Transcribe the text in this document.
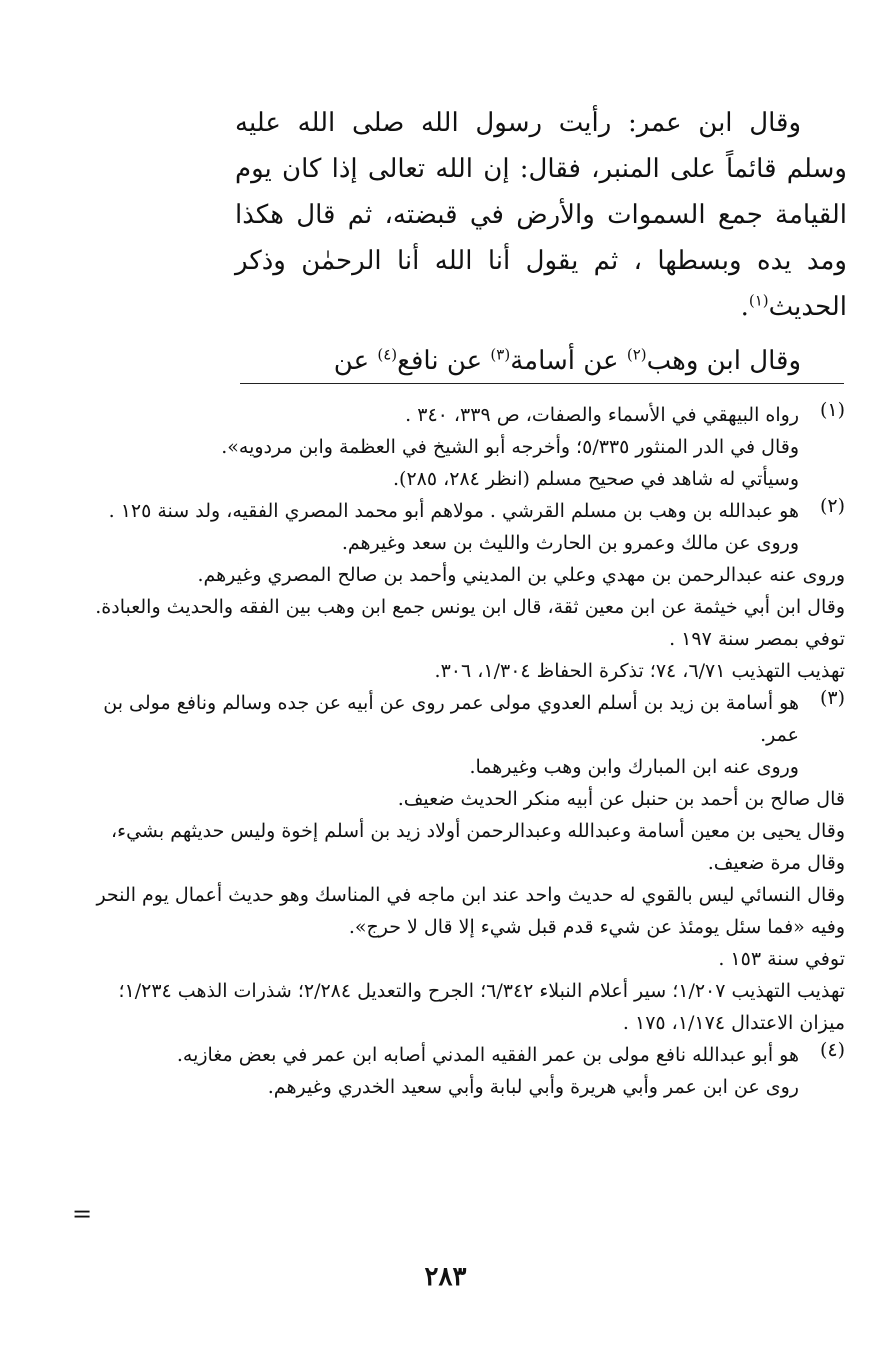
وقال ابن عمر: رأيت رسول الله صلى الله عليه وسلم قائماً على المنبر، فقال: إن الله تعالى إذا كان يوم القيامة جمع السموات والأرض في قبضته، ثم قال هكذا ومد يده وبسطها ، ثم يقول أنا الله أنا الرحمٰن وذكر الحديث$^{(١)}$.

وقال ابن وهب$^{(٢)}$ عن أسامة$^{(٣)}$ عن نافع$^{(٤)}$ عن

(١)

رواه البيهقي في الأسماء والصفات، ص ٣٣٩، ٣٤٠ .

وقال في الدر المنثور ٥/٣٣٥؛ وأخرجه أبو الشيخ في العظمة وابن مردويه».

وسيأتي له شاهد في صحيح مسلم (انظر ٢٨٤، ٢٨٥).

(٢)

هو عبدالله بن وهب بن مسلم القرشي . مولاهم أبو محمد المصري الفقيه، ولد سنة ١٢٥ .

وروى عن مالك وعمرو بن الحارث والليث بن سعد وغيرهم.

وروى عنه عبدالرحمن بن مهدي وعلي بن المديني وأحمد بن صالح المصري وغيرهم.

وقال ابن أبي خيثمة عن ابن معين ثقة، قال ابن يونس جمع ابن وهب بين الفقه والحديث والعبادة. توفي بمصر سنة ١٩٧ .

تهذيب التهذيب ٦/٧١، ٧٤؛ تذكرة الحفاظ ١/٣٠٤، ٣٠٦.

(٣)

هو أسامة بن زيد بن أسلم العدوي مولى عمر روى عن أبيه عن جده وسالم ونافع مولى بن عمر.

وروى عنه ابن المبارك وابن وهب وغيرهما.

قال صالح بن أحمد بن حنبل عن أبيه منكر الحديث ضعيف.

وقال يحيى بن معين أسامة وعبدالله وعبدالرحمن أولاد زيد بن أسلم إخوة وليس حديثهم بشيء، وقال مرة ضعيف.

وقال النسائي ليس بالقوي له حديث واحد عند ابن ماجه في المناسك وهو حديث أعمال يوم النحر وفيه «فما سئل يومئذ عن شيء قدم قبل شيء إلا قال لا حرج».

توفي سنة ١٥٣ .

تهذيب التهذيب ١/٢٠٧؛ سير أعلام النبلاء ٦/٣٤٢؛ الجرح والتعديل ٢/٢٨٤؛ شذرات الذهب ١/٢٣٤؛ ميزان الاعتدال ١/١٧٤، ١٧٥ .

(٤)

هو أبو عبدالله نافع مولى بن عمر الفقيه المدني أصابه ابن عمر في بعض مغازيه.

روى عن ابن عمر وأبي هريرة وأبي لبابة وأبي سعيد الخدري وغيرهم.

=
٢٨٣
